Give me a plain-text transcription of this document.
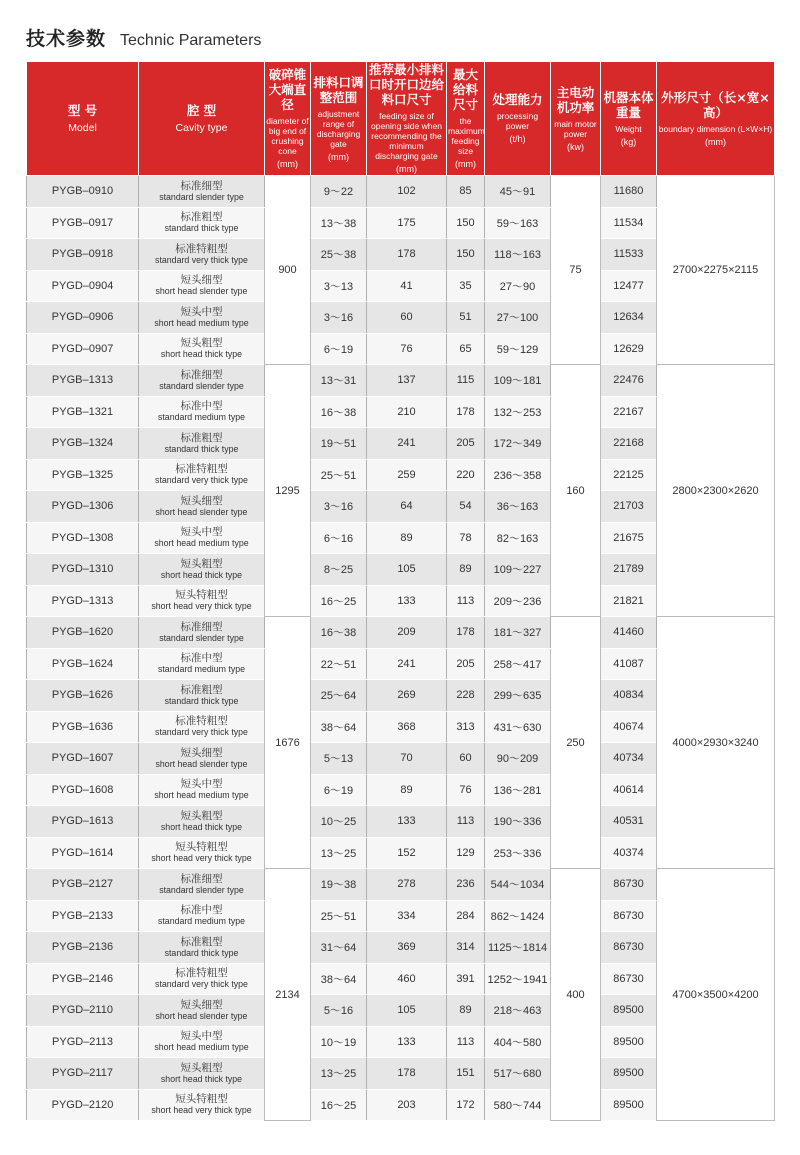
技术参数 Technic Parameters
型 号
Model	腔 型
Cavity type	破碎锥大端直径
diameter of big end of crushing cone
(mm)	排料口调整范围
adjustment range of discharging gate
(mm)	推荐最小排料口时开口边给料口尺寸
feeding size of opening side when recommending the minimum discharging gate
(mm)	最大给料尺寸
the maximum feeding size
(mm)	处理能力
processing power
(t/h)	主电动机功率
main motor power
(kw)	机器本体重量
Weight
(kg)	外形尺寸（长×宽×高）
boundary dimension (L×W×H)
(mm)

PYGB–0910	标准细型
standard slender type	900	9～22	102	85	45～91	75	11680	2700×2275×2115
PYGB–0917	标准粗型
standard thick type		13～38	175	150	59～163		11534	
PYGB–0918	标准特粗型
standard very thick type		25～38	178	150	118～163		11533	
PYGD–0904	短头细型
short head slender type		3～13	41	35	27～90		12477	
PYGD–0906	短头中型
short head medium type		3～16	60	51	27～100		12634	
PYGD–0907	短头粗型
short head thick type		6～19	76	65	59～129		12629	
PYGB–1313	标准细型
standard slender type	1295	13～31	137	115	109～181	160	22476	2800×2300×2620
PYGB–1321	标准中型
standard medium type		16～38	210	178	132～253		22167	
PYGB–1324	标准粗型
standard thick type		19～51	241	205	172～349		22168	
PYGB–1325	标准特粗型
standard very thick type		25～51	259	220	236～358		22125	
PYGD–1306	短头细型
short head slender type		3～16	64	54	36～163		21703	
PYGD–1308	短头中型
short head medium type		6～16	89	78	82～163		21675	
PYGD–1310	短头粗型
short head thick type		8～25	105	89	109～227		21789	
PYGD–1313	短头特粗型
short head very thick type		16～25	133	113	209～236		21821	
PYGB–1620	标准细型
standard slender type	1676	16～38	209	178	181～327	250	41460	4000×2930×3240
PYGB–1624	标准中型
standard medium type		22～51	241	205	258～417		41087	
PYGB–1626	标准粗型
standard thick type		25～64	269	228	299～635		40834	
PYGB–1636	标准特粗型
standard very thick type		38～64	368	313	431～630		40674	
PYGD–1607	短头细型
short head slender type		5～13	70	60	90～209		40734	
PYGD–1608	短头中型
short head medium type		6～19	89	76	136～281		40614	
PYGD–1613	短头粗型
short head thick type		10～25	133	113	190～336		40531	
PYGD–1614	短头特粗型
short head very thick type		13～25	152	129	253～336		40374	
PYGB–2127	标准细型
standard slender type	2134	19～38	278	236	544～1034	400	86730	4700×3500×4200
PYGB–2133	标准中型
standard medium type		25～51	334	284	862～1424		86730	
PYGB–2136	标准粗型
standard thick type		31～64	369	314	1125～1814		86730	
PYGB–2146	标准特粗型
standard very thick type		38～64	460	391	1252～1941		86730	
PYGD–2110	短头细型
short head slender type		5～16	105	89	218～463		89500	
PYGD–2113	短头中型
short head medium type		10～19	133	113	404～580		89500	
PYGD–2117	短头粗型
short head thick type		13～25	178	151	517～680		89500	
PYGD–2120	短头特粗型
short head very thick type		16～25	203	172	580～744		89500	
